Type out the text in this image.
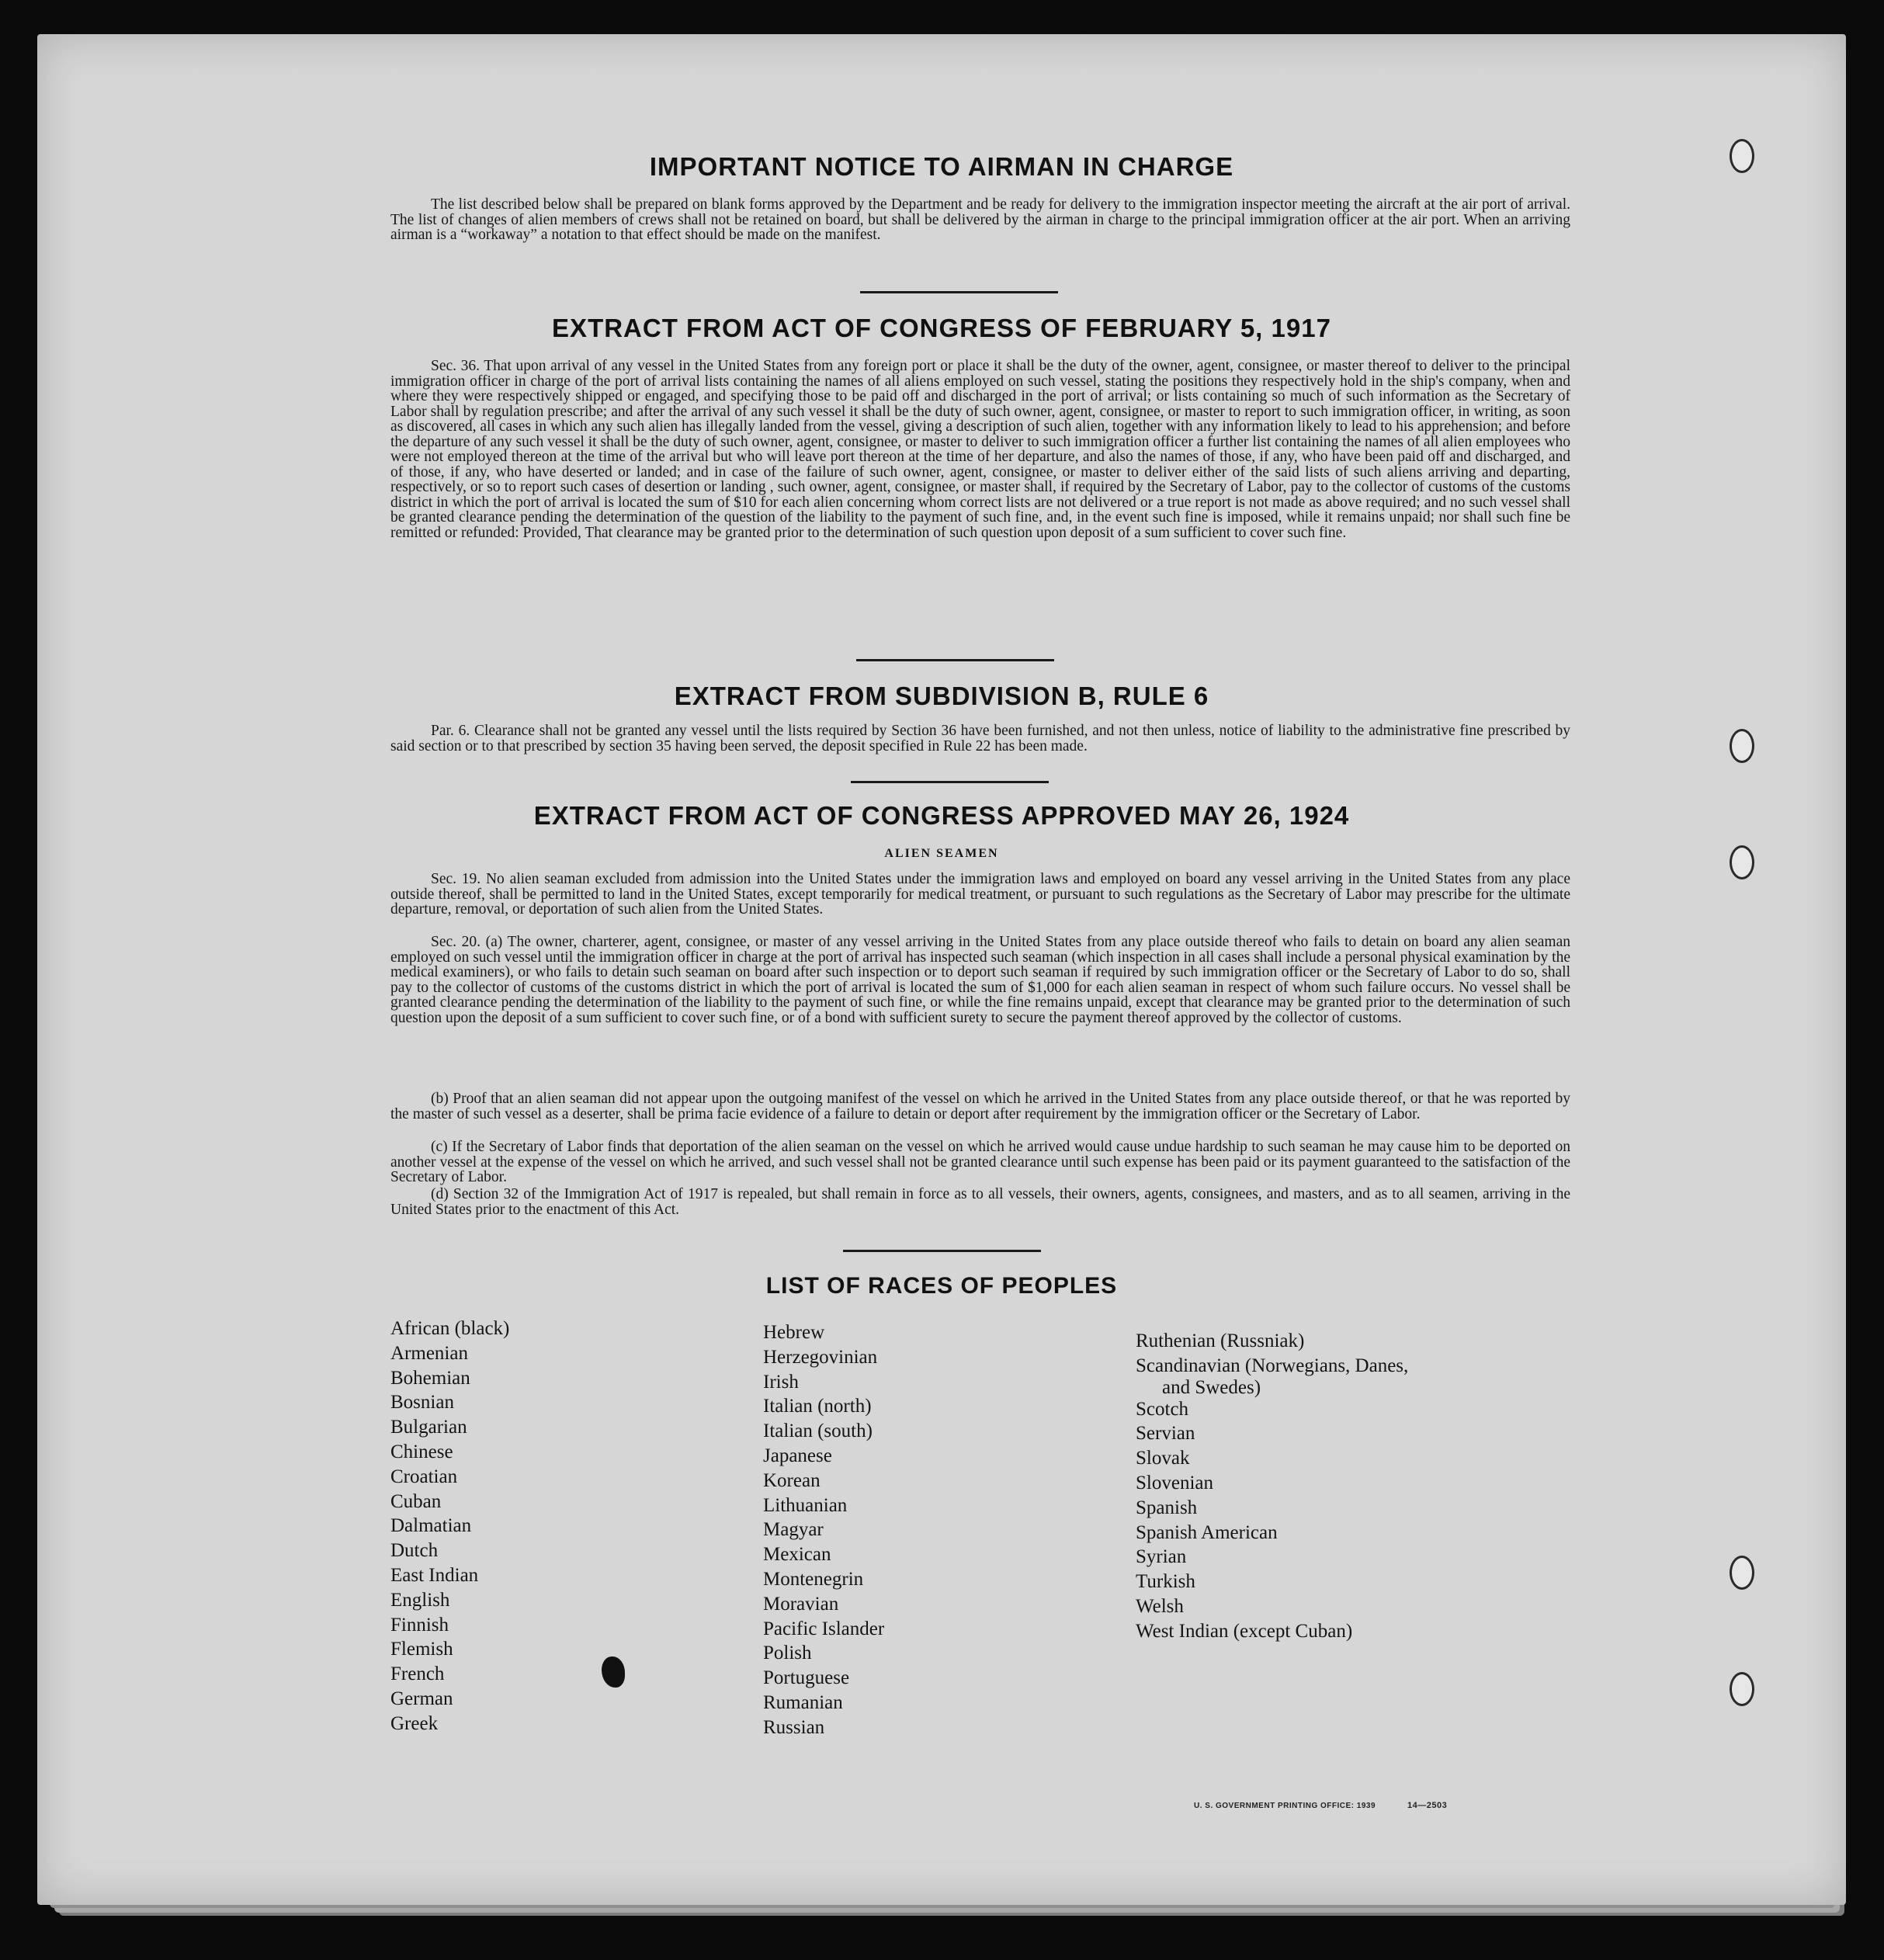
IMPORTANT NOTICE TO AIRMAN IN CHARGE
The list described below shall be prepared on blank forms approved by the Department and be ready for delivery to the immigration inspector meeting the aircraft at the air port of arrival. The list of changes of alien members of crews shall not be retained on board, but shall be delivered by the airman in charge to the principal immigration officer at the air port. When an arriving airman is a “workaway” a notation to that effect should be made on the manifest.
EXTRACT FROM ACT OF CONGRESS OF FEBRUARY 5, 1917
Sec. 36. That upon arrival of any vessel in the United States from any foreign port or place it shall be the duty of the owner, agent, consignee, or master thereof to deliver to the principal immigration officer in charge of the port of arrival lists containing the names of all aliens employed on such vessel, stating the positions they respectively hold in the ship's company, when and where they were respectively shipped or engaged, and specifying those to be paid off and discharged in the port of arrival; or lists containing so much of such information as the Secretary of Labor shall by regulation prescribe; and after the arrival of any such vessel it shall be the duty of such owner, agent, consignee, or master to report to such immigration officer, in writing, as soon as discovered, all cases in which any such alien has illegally landed from the vessel, giving a description of such alien, together with any information likely to lead to his apprehension; and before the departure of any such vessel it shall be the duty of such owner, agent, consignee, or master to deliver to such immigration officer a further list containing the names of all alien employees who were not employed thereon at the time of the arrival but who will leave port thereon at the time of her departure, and also the names of those, if any, who have been paid off and discharged, and of those, if any, who have deserted or landed; and in case of the failure of such owner, agent, consignee, or master to deliver either of the said lists of such aliens arriving and departing, respectively, or so to report such cases of desertion or landing , such owner, agent, consignee, or master shall, if required by the Secretary of Labor, pay to the collector of customs of the customs district in which the port of arrival is located the sum of $10 for each alien concerning whom correct lists are not delivered or a true report is not made as above required; and no such vessel shall be granted clearance pending the determination of the question of the liability to the payment of such fine, and, in the event such fine is imposed, while it remains unpaid; nor shall such fine be remitted or refunded: Provided, That clearance may be granted prior to the determination of such question upon deposit of a sum sufficient to cover such fine.
EXTRACT FROM SUBDIVISION B, RULE 6
Par. 6. Clearance shall not be granted any vessel until the lists required by Section 36 have been furnished, and not then unless, notice of liability to the administrative fine prescribed by said section or to that prescribed by section 35 having been served, the deposit specified in Rule 22 has been made.
EXTRACT FROM ACT OF CONGRESS APPROVED MAY 26, 1924
ALIEN SEAMEN
Sec. 19. No alien seaman excluded from admission into the United States under the immigration laws and employed on board any vessel arriving in the United States from any place outside thereof, shall be permitted to land in the United States, except temporarily for medical treatment, or pursuant to such regulations as the Secretary of Labor may prescribe for the ultimate departure, removal, or deportation of such alien from the United States.
Sec. 20. (a) The owner, charterer, agent, consignee, or master of any vessel arriving in the United States from any place outside thereof who fails to detain on board any alien seaman employed on such vessel until the immigration officer in charge at the port of arrival has inspected such seaman (which inspection in all cases shall include a personal physical examination by the medical examiners), or who fails to detain such seaman on board after such inspection or to deport such seaman if required by such immigration officer or the Secretary of Labor to do so, shall pay to the collector of customs of the customs district in which the port of arrival is located the sum of $1,000 for each alien seaman in respect of whom such failure occurs. No vessel shall be granted clearance pending the determination of the liability to the payment of such fine, or while the fine remains unpaid, except that clearance may be granted prior to the determination of such question upon the deposit of a sum sufficient to cover such fine, or of a bond with sufficient surety to secure the payment thereof approved by the collector of customs.
(b) Proof that an alien seaman did not appear upon the outgoing manifest of the vessel on which he arrived in the United States from any place outside thereof, or that he was reported by the master of such vessel as a deserter, shall be prima facie evidence of a failure to detain or deport after requirement by the immigration officer or the Secretary of Labor.
(c) If the Secretary of Labor finds that deportation of the alien seaman on the vessel on which he arrived would cause undue hardship to such seaman he may cause him to be deported on another vessel at the expense of the vessel on which he arrived, and such vessel shall not be granted clearance until such expense has been paid or its payment guaranteed to the satisfaction of the Secretary of Labor.
(d) Section 32 of the Immigration Act of 1917 is repealed, but shall remain in force as to all vessels, their owners, agents, consignees, and masters, and as to all seamen, arriving in the United States prior to the enactment of this Act.
LIST OF RACES OF PEOPLES
African (black)
Armenian
Bohemian
Bosnian
Bulgarian
Chinese
Croatian
Cuban
Dalmatian
Dutch
East Indian
English
Finnish
Flemish
French
German
Greek
Hebrew
Herzegovinian
Irish
Italian (north)
Italian (south)
Japanese
Korean
Lithuanian
Magyar
Mexican
Montenegrin
Moravian
Pacific Islander
Polish
Portuguese
Rumanian
Russian
Ruthenian (Russniak)
Scandinavian (Norwegians, Danes,
and Swedes)
Scotch
Servian
Slovak
Slovenian
Spanish
Spanish American
Syrian
Turkish
Welsh
West Indian (except Cuban)
U. S. GOVERNMENT PRINTING OFFICE: 1939	14—2503
